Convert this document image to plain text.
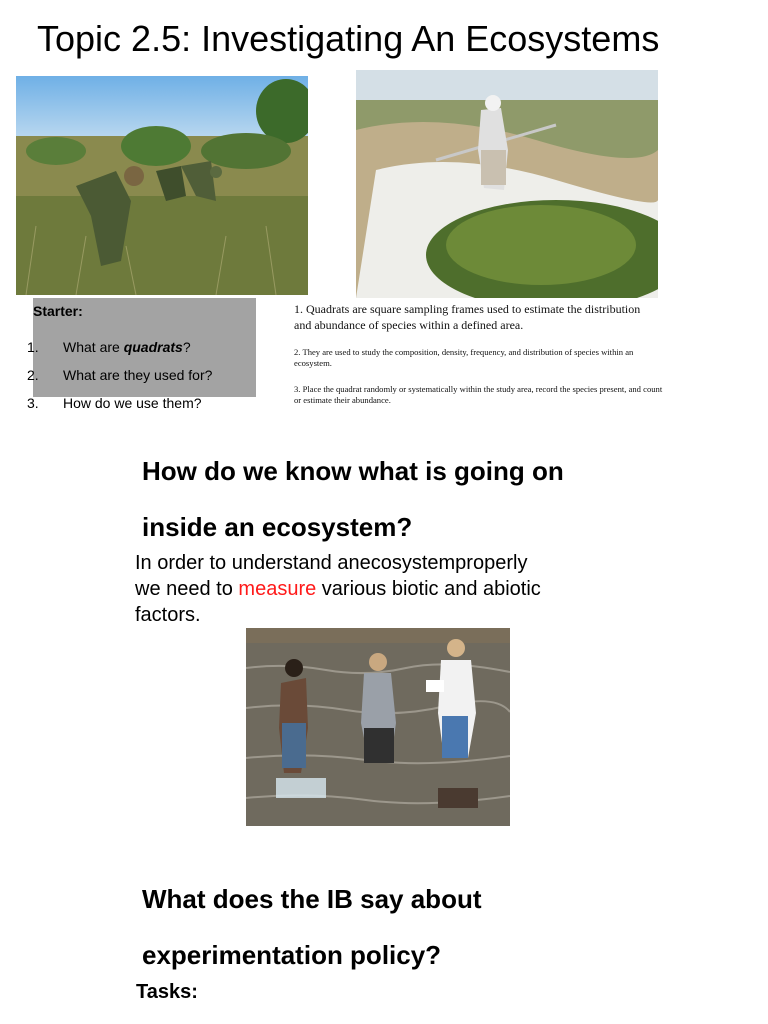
Topic 2.5: Investigating An Ecosystems
Starter:
1. What are quadrats?
2. What are they used for?
3. How do we use them?
1. Quadrats are square sampling frames used to estimate the distribution and abundance of species within a defined area.
2. They are used to study the composition, density, frequency, and distribution of species within an ecosystem.
3. Place the quadrat randomly or systematically within the study area, record the species present, and count or estimate their abundance.
How do we know what is going on
inside an ecosystem?
In order to understand anecosystemproperly
we need to measure various biotic and abiotic
factors.
What does the IB say about
experimentation policy?
Tasks:
